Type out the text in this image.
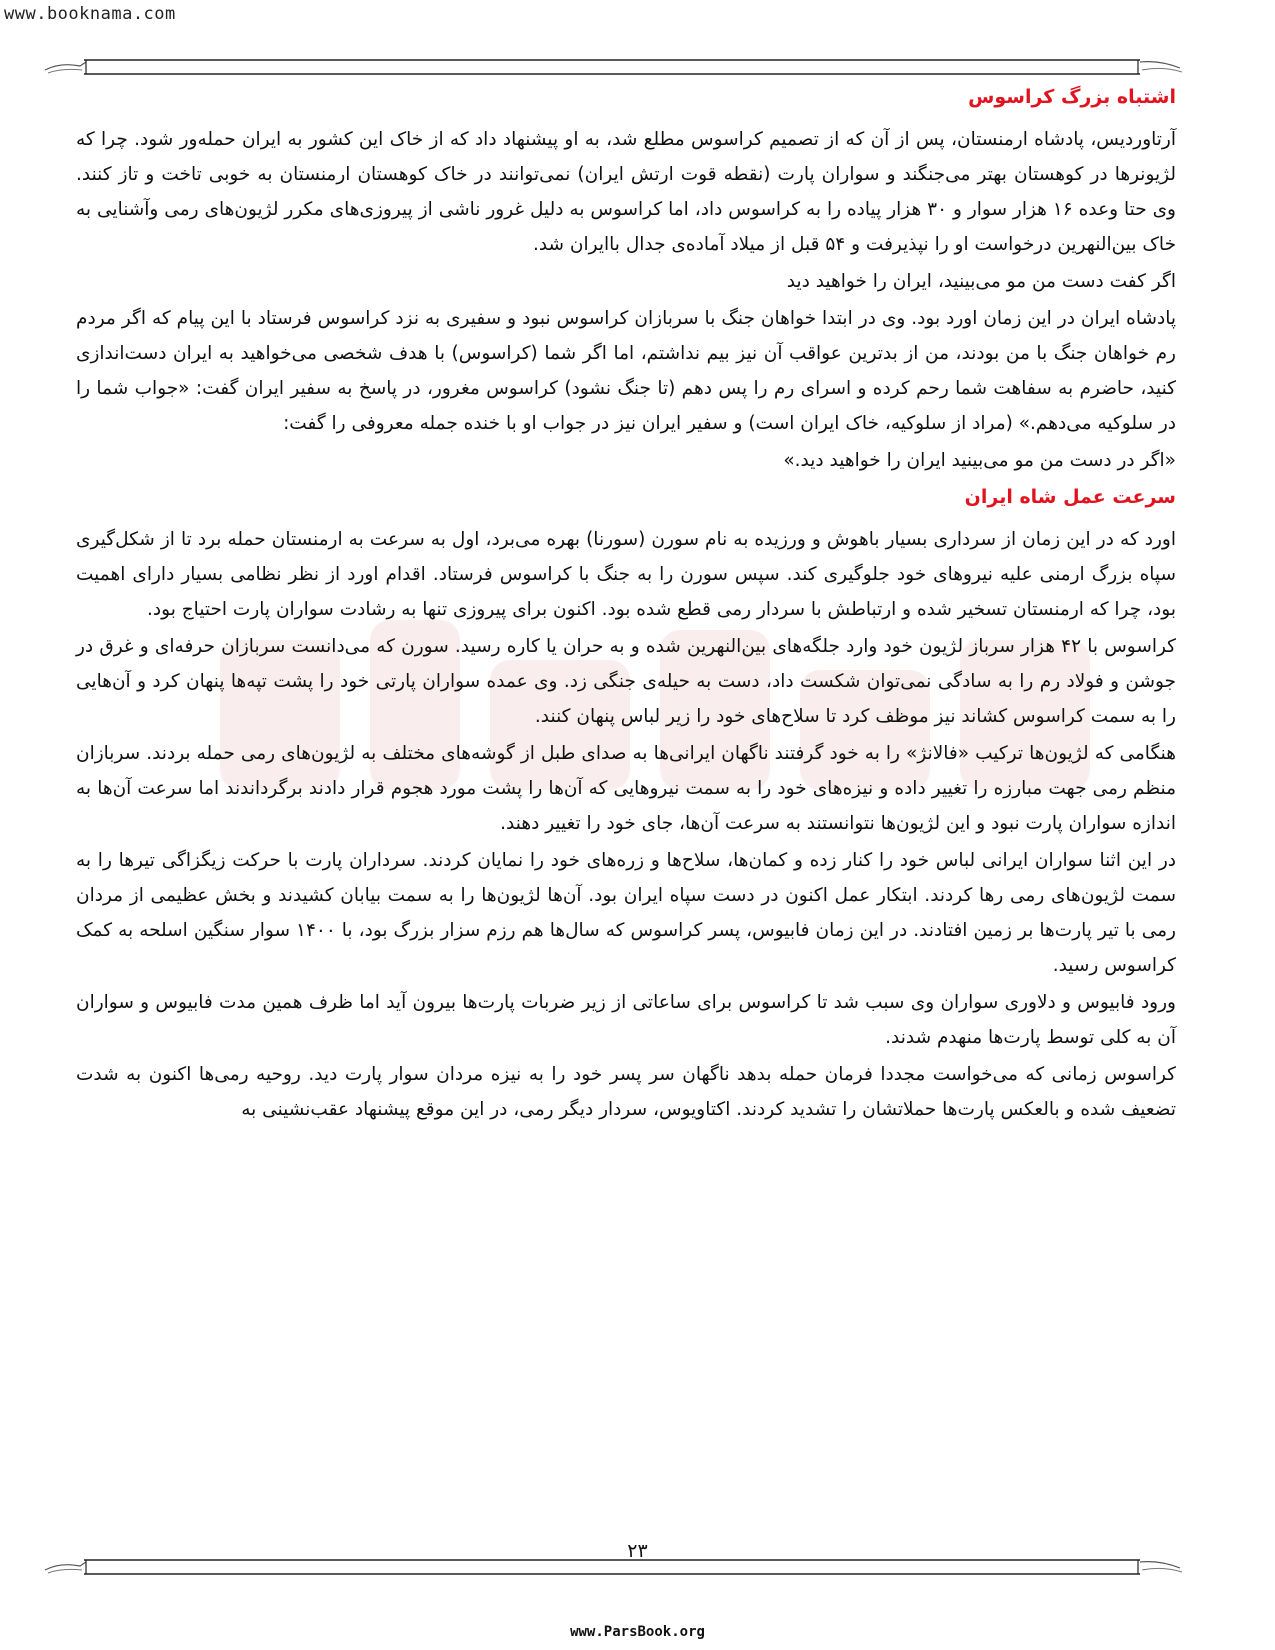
www.booknama.com
اشتباه بزرگ کراسوس

آرتاوردیس، پادشاه ارمنستان، پس از آن که از تصمیم کراسوس مطلع شد، به او پیشنهاد داد که از خاک این کشور به ایران حمله‌ور شود. چرا که لژیونرها در کوهستان بهتر می‌جنگند و سواران پارت (نقطه قوت ارتش ایران) نمی‌توانند در خاک کوهستان ارمنستان به خوبی تاخت و تاز کنند. وی حتا وعده ۱۶ هزار سوار و ۳۰ هزار پیاده را به کراسوس داد، اما کراسوس به دلیل غرور ناشی از پیروزی‌های مکرر لژیون‌های رمی وآشنایی به خاک بین‌النهرین درخواست او را نپذیرفت و ۵۴ قبل از میلاد آماده‌ی جدال باایران شد.

اگر کفت دست من مو می‌بینید، ایران را خواهید دید

پادشاه ایران در این زمان اورد بود. وی در ابتدا خواهان جنگ با سربازان کراسوس نبود و سفیری به نزد کراسوس فرستاد با این پیام که اگر مردم رم خواهان جنگ با من بودند، من از بدترین عواقب آن نیز بیم نداشتم، اما اگر شما (کراسوس) با هدف شخصی می‌خواهید به ایران دست‌اندازی کنید، حاضرم به سفاهت شما رحم کرده و اسرای رم را پس دهم (تا جنگ نشود) کراسوس مغرور، در پاسخ به سفیر ایران گفت: «جواب شما را در سلوکیه می‌دهم.» (مراد از سلوکیه، خاک ایران است) و سفیر ایران نیز در جواب او با خنده جمله معروفی را گفت:

«اگر در دست من مو می‌بینید ایران را خواهید دید.»

سرعت عمل شاه ایران

اورد که در این زمان از سرداری بسیار باهوش و ورزیده به نام سورن (سورنا) بهره می‌برد، اول به سرعت به ارمنستان حمله برد تا از شکل‌گیری سپاه بزرگ ارمنی علیه نیروهای خود جلوگیری کند. سپس سورن را به جنگ با کراسوس فرستاد. اقدام اورد از نظر نظامی بسیار دارای اهمیت بود، چرا که ارمنستان تسخیر شده و ارتباطش با سردار رمی قطع شده بود. اکنون برای پیروزی تنها به رشادت سواران پارت احتیاج بود.

کراسوس با ۴۲ هزار سرباز لژیون خود وارد جلگه‌های بین‌النهرین شده و به حران یا کاره رسید. سورن که می‌دانست سربازان حرفه‌ای و غرق در جوشن و فولاد رم را به سادگی نمی‌توان شکست داد، دست به حیله‌ی جنگی زد. وی عمده سواران پارتی خود را پشت تپه‌ها پنهان کرد و آن‌هایی را به سمت کراسوس کشاند نیز موظف کرد تا سلاح‌های خود را زیر لباس پنهان کنند.

هنگامی که لژیون‌ها ترکیب «فالانژ» را به خود گرفتند ناگهان ایرانی‌ها به صدای طبل از گوشه‌های مختلف به لژیون‌های رمی حمله بردند. سربازان منظم رمی جهت مبارزه را تغییر داده و نیزه‌های خود را به سمت نیروهایی که آن‌ها را پشت مورد هجوم قرار دادند برگرداندند اما سرعت آن‌ها به اندازه سواران پارت نبود و این لژیون‌ها نتوانستند به سرعت آن‌ها، جای خود را تغییر دهند.

در این اثنا سواران ایرانی لباس خود را کنار زده و کمان‌ها، سلاح‌ها و زره‌های خود را نمایان کردند. سرداران پارت با حرکت زیگزاگی تیرها را به سمت لژیون‌های رمی رها کردند. ابتکار عمل اکنون در دست سپاه ایران بود. آن‌ها لژیون‌ها را به سمت بیابان کشیدند و بخش عظیمی از مردان رمی با تیر پارت‌ها بر زمین افتادند. در این زمان فابیوس، پسر کراسوس که سال‌ها هم رزم سزار بزرگ بود، با ۱۴۰۰ سوار سنگین اسلحه به کمک کراسوس رسید.

ورود فابیوس و دلاوری سواران وی سبب شد تا کراسوس برای ساعاتی از زیر ضربات پارت‌ها بیرون آید اما ظرف همین مدت فابیوس و سواران آن به کلی توسط پارت‌ها منهدم شدند.

کراسوس زمانی که می‌خواست مجددا فرمان حمله بدهد ناگهان سر پسر خود را به نیزه مردان سوار پارت دید. روحیه رمی‌ها اکنون به شدت تضعیف شده و بالعکس پارت‌ها حملاتشان را تشدید کردند. اکتاویوس، سردار دیگر رمی، در این موقع پیشنهاد عقب‌نشینی به

۲۳
www.ParsBook.org
